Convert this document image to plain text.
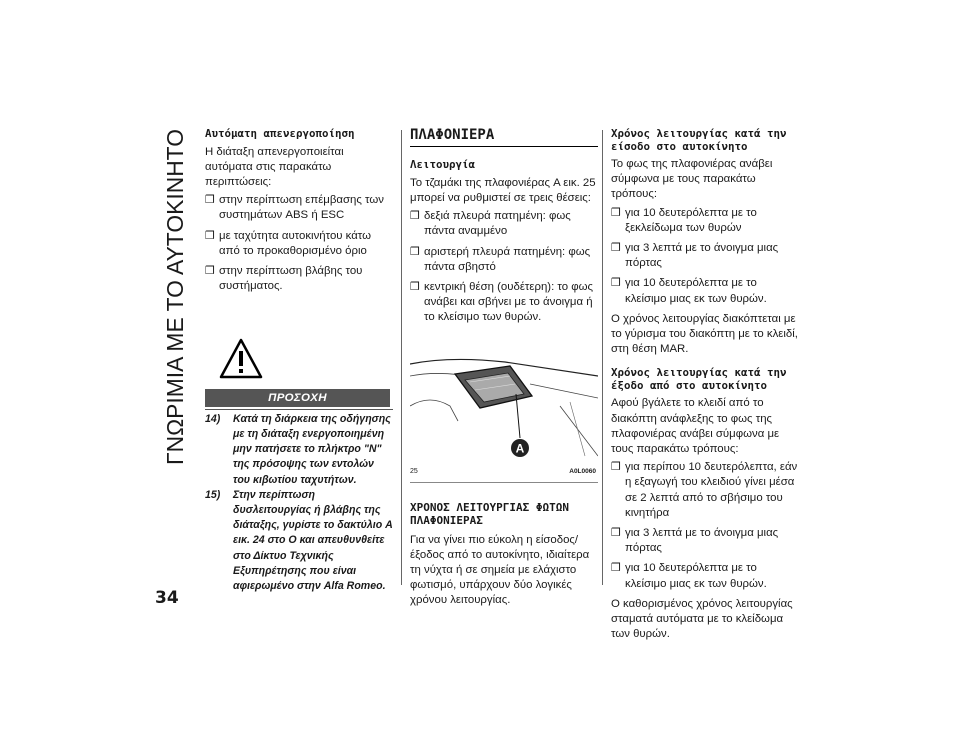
ΓΝΩΡΙΜΙΑ ΜΕ ΤΟ ΑΥΤΟΚΙΝΗΤΟ
34
Αυτόματη απενεργοποίηση

Η διάταξη απενεργοποιείται αυτόματα στις παρακάτω περιπτώσεις:

❒ στην περίπτωση επέμβασης των συστημάτων ABS ή ESC
❒ με ταχύτητα αυτοκινήτου κάτω από το προκαθορισμένο όριο
❒ στην περίπτωση βλάβης του συστήματος.
ΠΡΟΣΟΧΗ
14) Κατά τη διάρκεια της οδήγησης με τη διάταξη ενεργοποιημένη μην πατήσετε το πλήκτρο "N" της πρόσοψης των εντολών του κιβωτίου ταχυτήτων.
15) Στην περίπτωση δυσλειτουργίας ή βλάβης της διάταξης, γυρίστε το δακτύλιο A εικ. 24 στο O και απευθυνθείτε στο Δίκτυο Τεχνικής Εξυπηρέτησης που είναι αφιερωμένο στην Alfa Romeo.
ΠΛΑΦΟΝΙΕΡΑ
Λειτουργία

Το τζαμάκι της πλαφονιέρας A εικ. 25 μπορεί να ρυθμιστεί σε τρεις θέσεις:

❒ δεξιά πλευρά πατημένη: φως πάντα αναμμένο
❒ αριστερή πλευρά πατημένη: φως πάντα σβηστό
❒ κεντρική θέση (ουδέτερη): το φως ανάβει και σβήνει με το άνοιγμα ή το κλείσιμο των θυρών.
A
25	A0L0060
ΧΡΟΝΟΣ ΛΕΙΤΟΥΡΓΙΑΣ ΦΩΤΩΝ ΠΛΑΦΟΝΙΕΡΑΣ

Για να γίνει πιο εύκολη η είσοδος/έξοδος από το αυτοκίνητο, ιδιαίτερα τη νύχτα ή σε σημεία με ελάχιστο φωτισμό, υπάρχουν δύο λογικές χρόνου λειτουργίας.

Χρόνος λειτουργίας κατά την είσοδο στο αυτοκίνητο

Το φως της πλαφονιέρας ανάβει σύμφωνα με τους παρακάτω τρόπους:

❒ για 10 δευτερόλεπτα με το ξεκλείδωμα των θυρών
❒ για 3 λεπτά με το άνοιγμα μιας πόρτας
❒ για 10 δευτερόλεπτα με το κλείσιμο μιας εκ των θυρών.

Ο χρόνος λειτουργίας διακόπτεται με το γύρισμα του διακόπτη με το κλειδί, στη θέση MAR.

Χρόνος λειτουργίας κατά την έξοδο από στο αυτοκίνητο

Αφού βγάλετε το κλειδί από το διακόπτη ανάφλεξης το φως της πλαφονιέρας ανάβει σύμφωνα με τους παρακάτω τρόπους:

❒ για περίπου 10 δευτερόλεπτα, εάν η εξαγωγή του κλειδιού γίνει μέσα σε 2 λεπτά από το σβήσιμο του κινητήρα
❒ για 3 λεπτά με το άνοιγμα μιας πόρτας
❒ για 10 δευτερόλεπτα με το κλείσιμο μιας εκ των θυρών.

Ο καθορισμένος χρόνος λειτουργίας σταματά αυτόματα με το κλείδωμα των θυρών.
